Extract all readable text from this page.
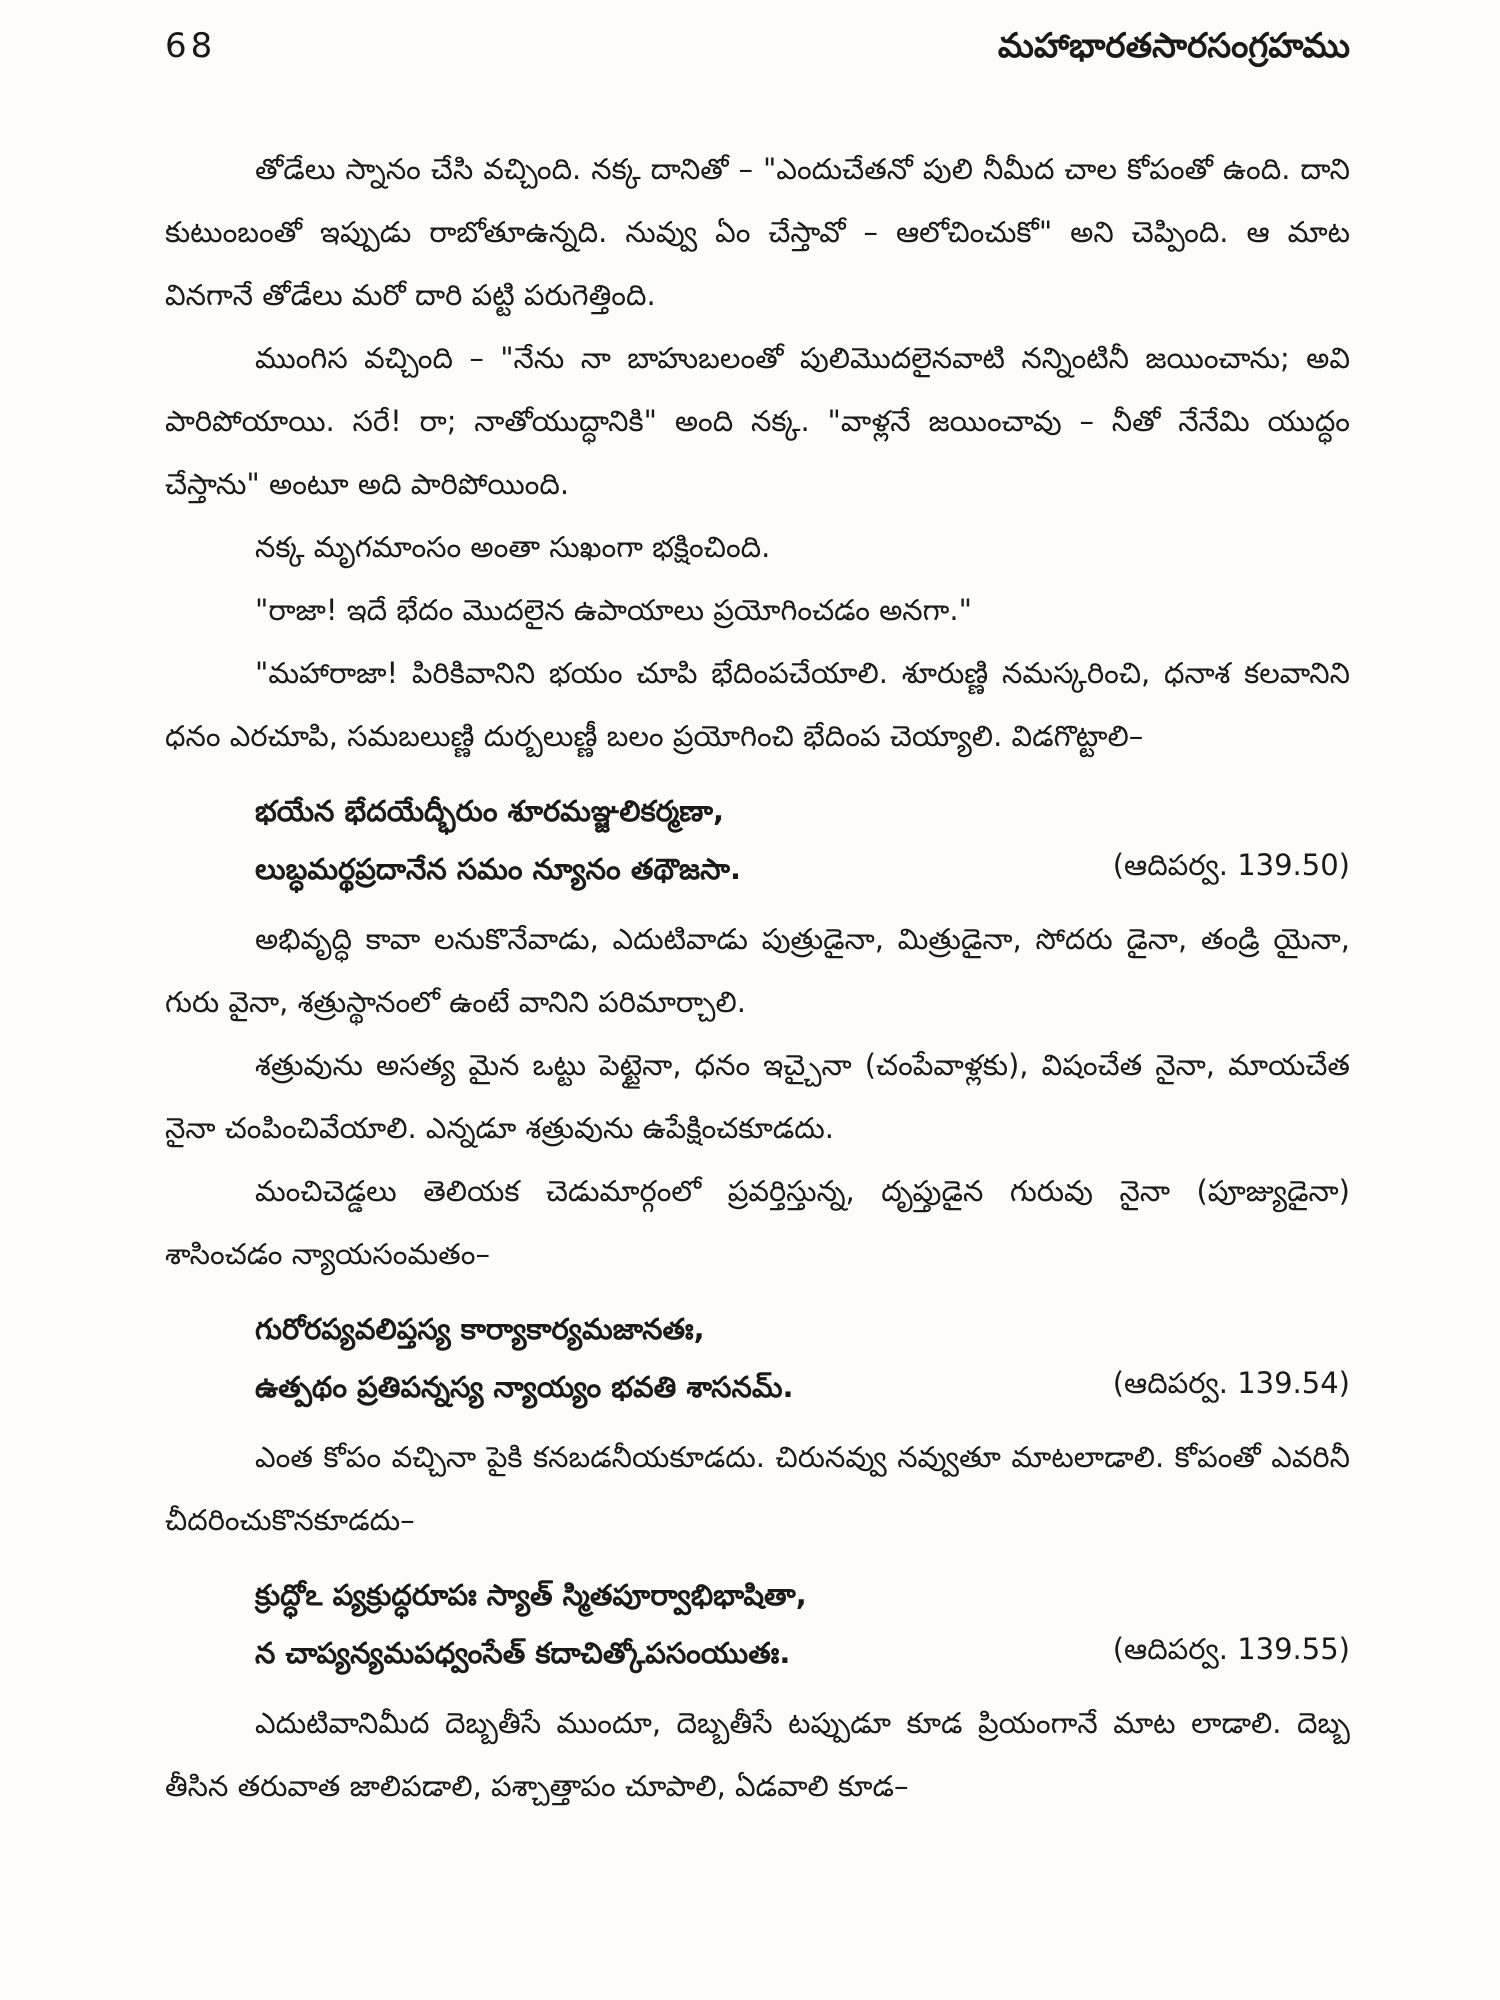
68	మహాభారతసారసంగ్రహము

తోడేలు స్నానం చేసి వచ్చింది. నక్క దానితో – "ఎందుచేతనో పులి నీమీద చాల కోపంతో ఉంది. దాని కుటుంబంతో ఇప్పుడు రాబోతూఉన్నది. నువ్వు ఏం చేస్తావో – ఆలోచించుకో" అని చెప్పింది. ఆ మాట వినగానే తోడేలు మరో దారి పట్టి పరుగెత్తింది.

ముంగిస వచ్చింది – "నేను నా బాహుబలంతో పులిమొదలైనవాటి నన్నింటినీ జయించాను; అవి పారిపోయాయి. సరే! రా; నాతోయుద్ధానికి" అంది నక్క. "వాళ్లనే జయించావు – నీతో నేనేమి యుద్ధం చేస్తాను" అంటూ అది పారిపోయింది.

నక్క మృగమాంసం అంతా సుఖంగా భక్షించింది.

"రాజా! ఇదే భేదం మొదలైన ఉపాయాలు ప్రయోగించడం అనగా."

"మహారాజా! పిరికివానిని భయం చూపి భేదింపచేయాలి. శూరుణ్ణి నమస్కరించి, ధనాశ కలవానిని ధనం ఎరచూపి, సమబలుణ్ణి దుర్బలుణ్ణీ బలం ప్రయోగించి భేదింప చెయ్యాలి. విడగొట్టాలి–

భయేన భేదయేద్భీరుం శూరమఞ్జలికర్మణా,
లుబ్ధమర్థప్రదానేన సమం న్యూనం తథౌజసా.	(ఆదిపర్వ. 139.50)

అభివృద్ధి కావా లనుకొనేవాడు, ఎదుటివాడు పుత్రుడైనా, మిత్రుడైనా, సోదరు డైనా, తండ్రి యైనా, గురు వైనా, శత్రుస్థానంలో ఉంటే వానిని పరిమార్చాలి.

శత్రువును అసత్య మైన ఒట్టు పెట్టైనా, ధనం ఇచ్చైనా (చంపేవాళ్లకు), విషంచేత నైనా, మాయచేత నైనా చంపించివేయాలి. ఎన్నడూ శత్రువును ఉపేక్షించకూడదు.

మంచిచెడ్డలు తెలియక చెడుమార్గంలో ప్రవర్తిస్తున్న, దృప్తుడైన గురువు నైనా (పూజ్యుడైనా) శాసించడం న్యాయసంమతం–

గురోరప్యవలిప్తస్య కార్యాకార్యమజానతః,
ఉత్పథం ప్రతిపన్నస్య న్యాయ్యం భవతి శాసనమ్.	(ఆదిపర్వ. 139.54)

ఎంత కోపం వచ్చినా పైకి కనబడనీయకూడదు. చిరునవ్వు నవ్వుతూ మాటలాడాలి. కోపంతో ఎవరినీ చీదరించుకొనకూడదు–

క్రుద్ధోఽ ప్యక్రుద్ధరూపః స్యాత్ స్మితపూర్వాభిభాషితా,
న చాప్యన్యమపధ్వంసేత్ కదాచిత్కోపసంయుతః.	(ఆదిపర్వ. 139.55)

ఎదుటివానిమీద దెబ్బతీసే ముందూ, దెబ్బతీసే టప్పుడూ కూడ ప్రియంగానే మాట లాడాలి. దెబ్బ తీసిన తరువాత జాలిపడాలి, పశ్చాత్తాపం చూపాలి, ఏడవాలి కూడ–
